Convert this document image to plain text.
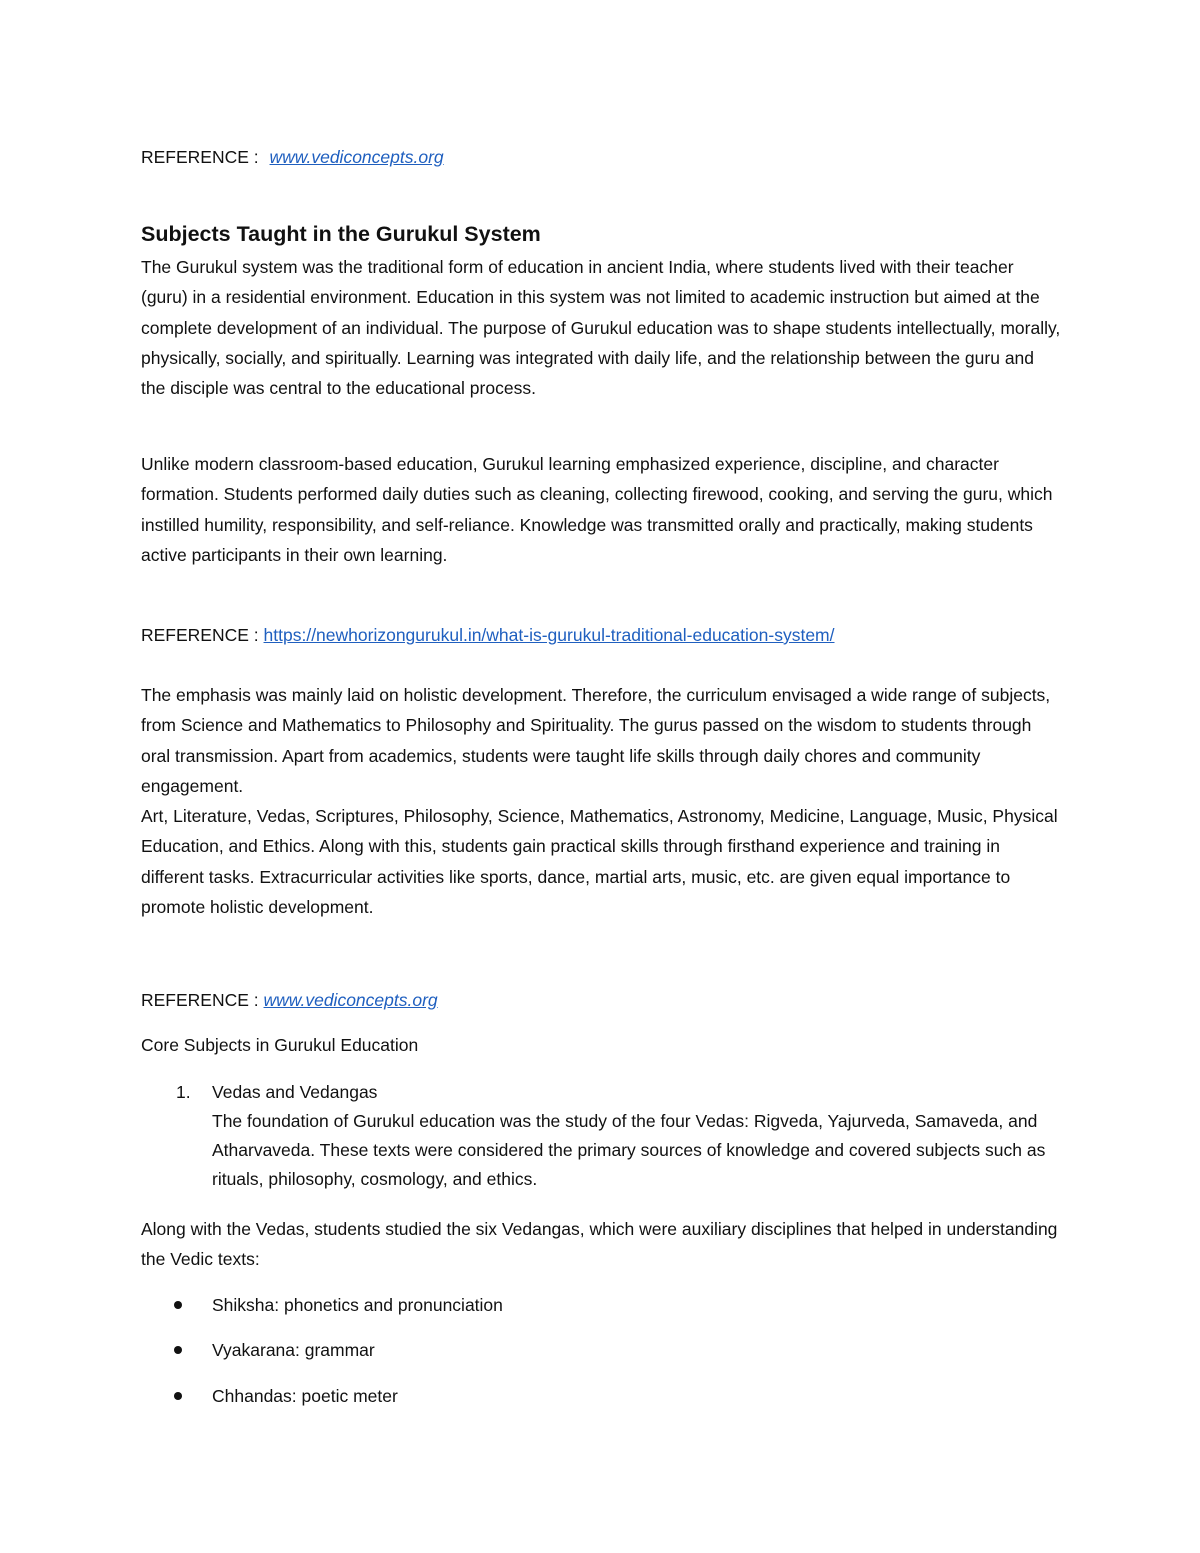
REFERENCE : www.vediconcepts.org
Subjects Taught in the Gurukul System

The Gurukul system was the traditional form of education in ancient India, where students lived with their teacher (guru) in a residential environment. Education in this system was not limited to academic instruction but aimed at the complete development of an individual. The purpose of Gurukul education was to shape students intellectually, morally, physically, socially, and spiritually. Learning was integrated with daily life, and the relationship between the guru and the disciple was central to the educational process.

Unlike modern classroom-based education, Gurukul learning emphasized experience, discipline, and character formation. Students performed daily duties such as cleaning, collecting firewood, cooking, and serving the guru, which instilled humility, responsibility, and self-reliance. Knowledge was transmitted orally and practically, making students active participants in their own learning.

REFERENCE : https://newhorizongurukul.in/what-is-gurukul-traditional-education-system/

The emphasis was mainly laid on holistic development. Therefore, the curriculum envisaged a wide range of subjects, from Science and Mathematics to Philosophy and Spirituality. The gurus passed on the wisdom to students through oral transmission. Apart from academics, students were taught life skills through daily chores and community engagement.

Art, Literature, Vedas, Scriptures, Philosophy, Science, Mathematics, Astronomy, Medicine, Language, Music, Physical Education, and Ethics. Along with this, students gain practical skills through firsthand experience and training in different tasks. Extracurricular activities like sports, dance, martial arts, music, etc. are given equal importance to promote holistic development.

REFERENCE : www.vediconcepts.org

Core Subjects in Gurukul Education

1. Vedas and Vedangas
The foundation of Gurukul education was the study of the four Vedas: Rigveda, Yajurveda, Samaveda, and Atharvaveda. These texts were considered the primary sources of knowledge and covered subjects such as rituals, philosophy, cosmology, and ethics.

Along with the Vedas, students studied the six Vedangas, which were auxiliary disciplines that helped in understanding the Vedic texts:

Shiksha: phonetics and pronunciation
Vyakarana: grammar
Chhandas: poetic meter
